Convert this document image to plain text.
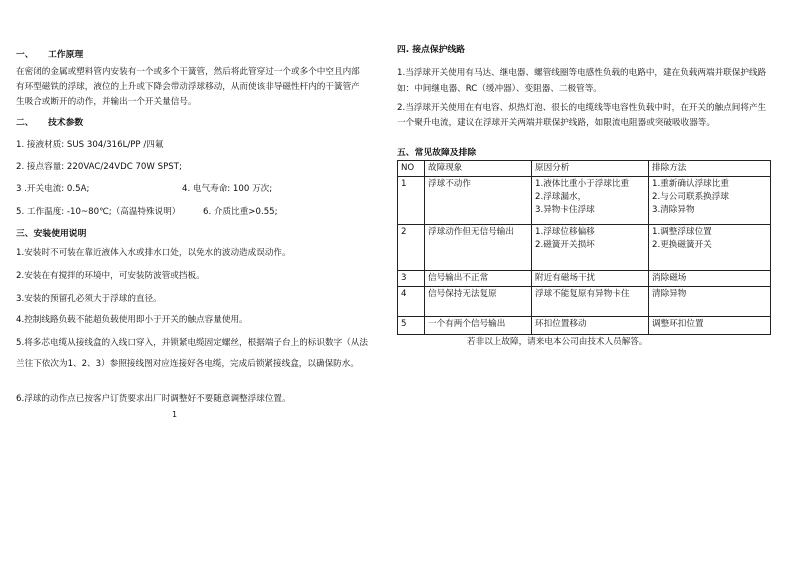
一、 工作原理
在密闭的金属或塑料管内安装有一个或多个干簧管，然后将此管穿过一个或多个中空且内部有环型磁铁的浮球，液位的上升或下降会带动浮球移动，从而使该非导磁性杆内的干簧管产生吸合或断开的动作，并输出一个开关量信号。
二、 技术参数
1. 接液材质: SUS 304/316L/PP /四氟
2. 接点容量: 220VAC/24VDC 70W SPST;
3 .开关电流: 0.5A;	4. 电气寿命: 100 万次;
5. 工作温度: -10~80℃;（高温特殊说明）	6. 介质比重>0.55;
三、安装使用说明
1.安装时不可装在靠近液体入水或排水口处，以免水的波动造成误动作。
2.安装在有搅拌的环境中，可安装防波管或挡板。
3.安装的预留孔必须大于浮球的直径。
4.控制线路负载不能超负载使用即小于开关的触点容量使用。
5.将多芯电缆从接线盒的入线口穿入，并锁紧电缆固定螺丝，根据端子台上的标识数字（从法兰往下依次为1、2、3）参照接线图对应连接好各电缆，完成后锁紧接线盒，以确保防水。
6.浮球的动作点已按客户订货要求出厂时调整好不要随意调整浮球位置。
1
四. 接点保护线路
1.当浮球开关使用有马达、继电器、螺管线圈等电感性负载的电路中，建在负载两端并联保护线路如：中间继电器、RC（缓冲器）、变阻器、二极管等。
2.当浮球开关使用在有电容、炽热灯泡、很长的电缆线等电容性负载中时，在开关的触点间将产生一个聚升电流，建议在浮球开关两端并联保护线路，如限流电阻器或突破吸收器等。
五、常见故障及排除
NO	故障现象	原因分析	排除方法
1	浮球不动作	1.液体比重小于浮球比重
2.浮球漏水，
3.异物卡住浮球	1.重新确认浮球比重
2.与公司联系换浮球
3.清除异物

2	浮球动作但无信号输出	1.浮球位移偏移
2.磁簧开关损坏	1.调整浮球位置
2.更换磁簧开关

3	信号输出不正常	附近有磁场干扰	消除磁场
4	信号保持无法复原	浮球不能复原有异物卡住	清除异物
5	一个有两个信号输出	环扣位置移动	调整环扣位置
若非以上故障，请来电本公司由技术人员解答。
